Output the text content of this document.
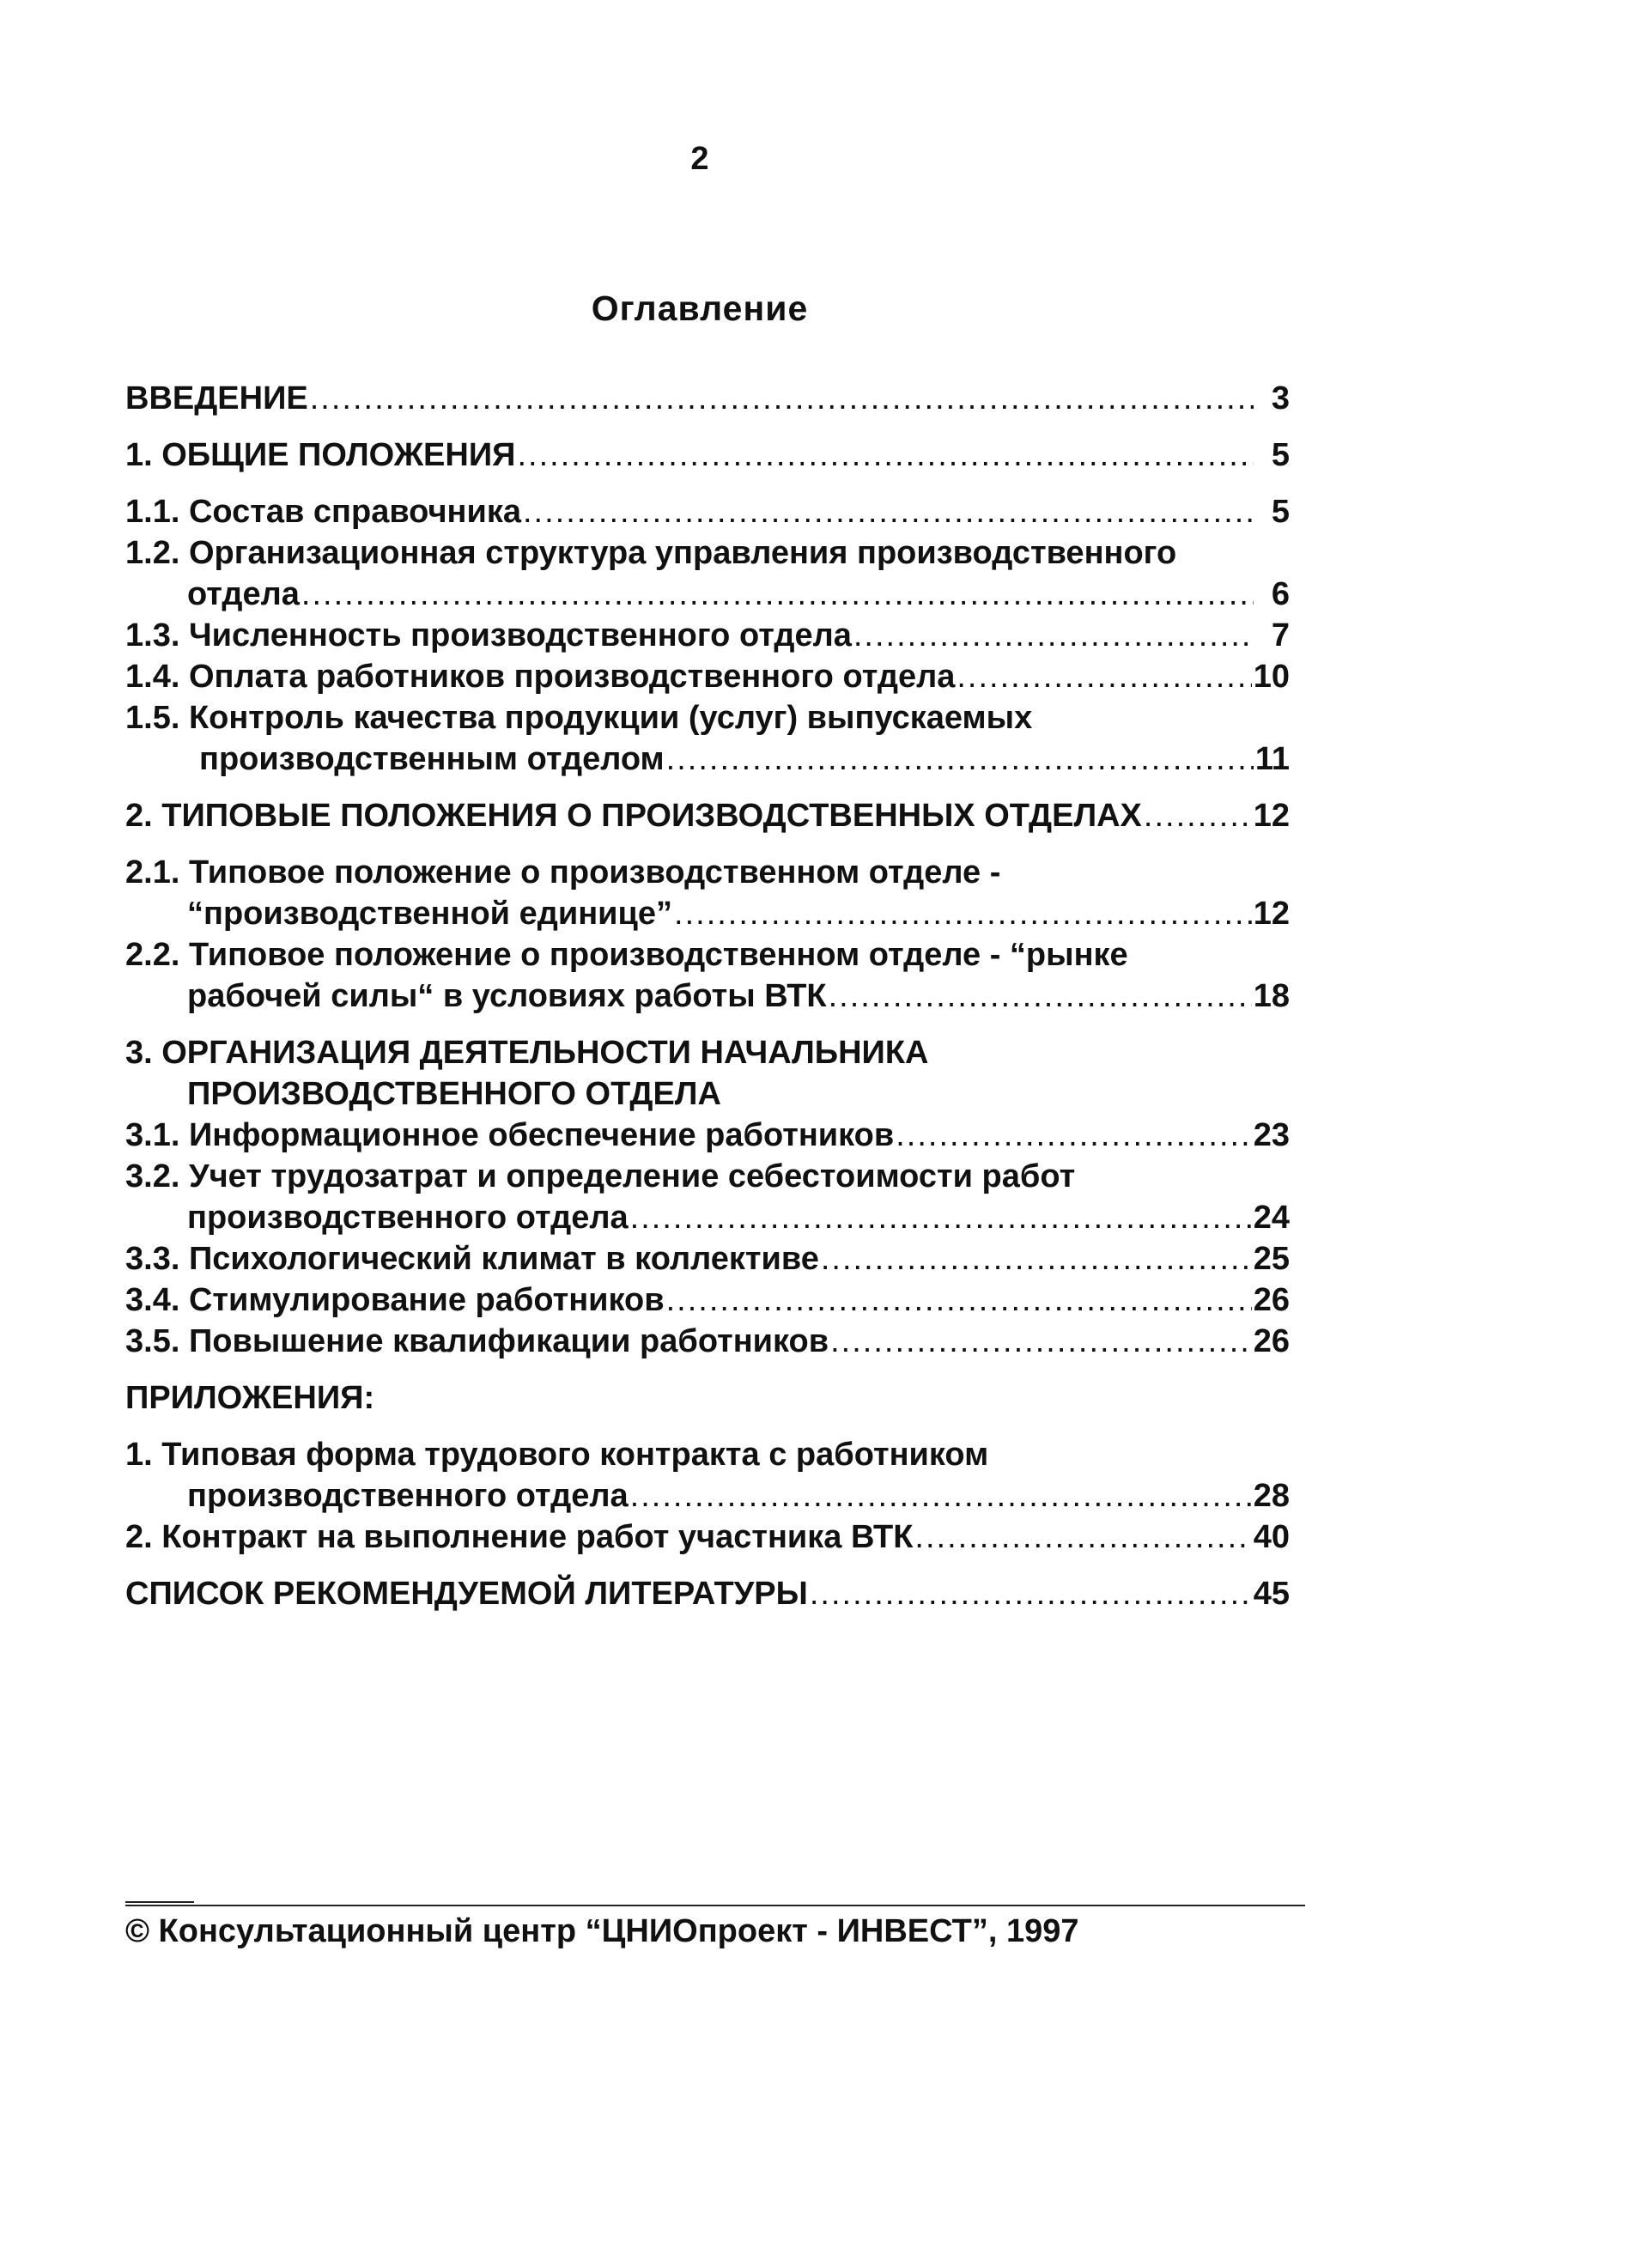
2
Оглавление
ВВЕДЕНИЕ .....	3
1. ОБЩИЕ ПОЛОЖЕНИЯ .....	5
1.1. Состав справочника .....	5
1.2. Организационная структура управления производственного
отдела .....	6
1.3. Численность производственного отдела .....	7
1.4. Оплата работников производственного отдела .....	10
1.5. Контроль качества продукции (услуг) выпускаемых
производственным отделом .....	11
2. ТИПОВЫЕ ПОЛОЖЕНИЯ О ПРОИЗВОДСТВЕННЫХ ОТДЕЛАХ .....	12
2.1. Типовое положение о производственном отделе -
“производственной единице” .....	12
2.2. Типовое положение о производственном отделе - “рынке
рабочей силы“ в условиях работы ВТК .....	18
3. ОРГАНИЗАЦИЯ ДЕЯТЕЛЬНОСТИ НАЧАЛЬНИКА
ПРОИЗВОДСТВЕННОГО ОТДЕЛА
3.1. Информационное обеспечение работников .....	23
3.2. Учет трудозатрат и определение себестоимости работ
производственного отдела .....	24
3.3. Психологический климат в коллективе .....	25
3.4. Стимулирование работников .....	26
3.5. Повышение квалификации работников .....	26
ПРИЛОЖЕНИЯ:
1. Типовая форма трудового контракта с работником
производственного отдела .....	28
2. Контракт на выполнение работ участника ВТК .....	40
СПИСОК РЕКОМЕНДУЕМОЙ ЛИТЕРАТУРЫ .....	45
© Консультационный центр “ЦНИОпроект - ИНВЕСТ”, 1997
